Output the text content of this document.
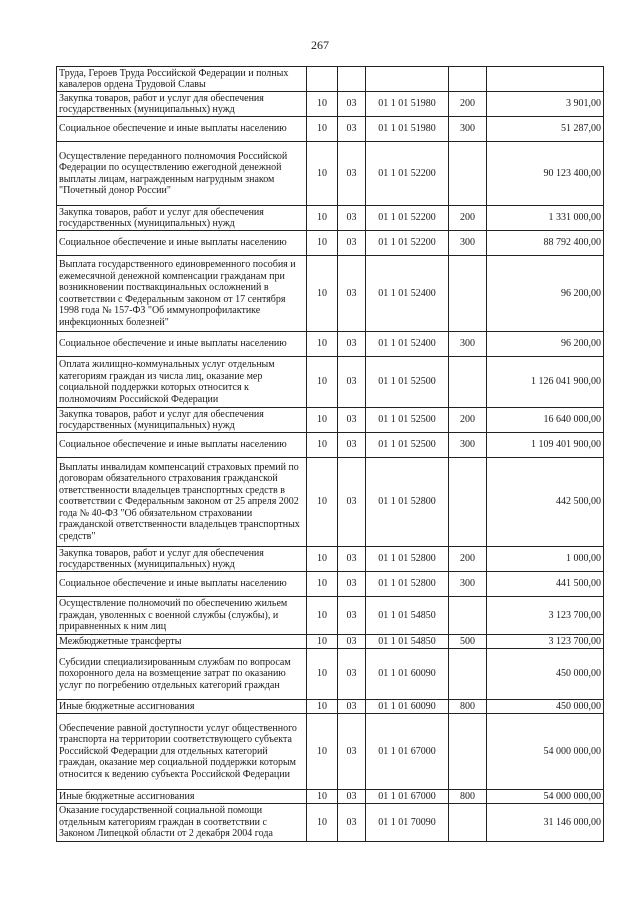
267
Труда, Героев Труда Российской Федерации и полных кавалеров ордена Трудовой Славы					
Закупка товаров, работ и услуг для обеспечения государственных (муниципальных) нужд	10	03	01 1 01 51980	200	3 901,00
Социальное обеспечение и иные выплаты населению	10	03	01 1 01 51980	300	51 287,00
Осуществление переданного полномочия Российской Федерации по осуществлению ежегодной денежной выплаты лицам, награжденным нагрудным знаком "Почетный донор России"	10	03	01 1 01 52200		90 123 400,00
Закупка товаров, работ и услуг для обеспечения государственных (муниципальных) нужд	10	03	01 1 01 52200	200	1 331 000,00
Социальное обеспечение и иные выплаты населению	10	03	01 1 01 52200	300	88 792 400,00
Выплата государственного единовременного пособия и ежемесячной денежной компенсации гражданам при возникновении поствакцинальных осложнений в соответствии с Федеральным законом от 17 сентября 1998 года № 157-ФЗ "Об иммунопрофилактике инфекционных болезней"	10	03	01 1 01 52400		96 200,00
Социальное обеспечение и иные выплаты населению	10	03	01 1 01 52400	300	96 200,00
Оплата жилищно-коммунальных услуг отдельным категориям граждан из числа лиц, оказание мер социальной поддержки которых относится к полномочиям Российской Федерации	10	03	01 1 01 52500		1 126 041 900,00
Закупка товаров, работ и услуг для обеспечения государственных (муниципальных) нужд	10	03	01 1 01 52500	200	16 640 000,00
Социальное обеспечение и иные выплаты населению	10	03	01 1 01 52500	300	1 109 401 900,00
Выплаты инвалидам компенсаций страховых премий по договорам обязательного страхования гражданской ответственности владельцев транспортных средств в соответствии с Федеральным законом от 25 апреля 2002 года № 40-ФЗ "Об обязательном страховании гражданской ответственности владельцев транспортных средств"	10	03	01 1 01 52800		442 500,00
Закупка товаров, работ и услуг для обеспечения государственных (муниципальных) нужд	10	03	01 1 01 52800	200	1 000,00
Социальное обеспечение и иные выплаты населению	10	03	01 1 01 52800	300	441 500,00
Осуществление полномочий по обеспечению жильем граждан, уволенных с военной службы (службы), и приравненных к ним лиц	10	03	01 1 01 54850		3 123 700,00
Межбюджетные трансферты	10	03	01 1 01 54850	500	3 123 700,00
Субсидии специализированным службам по вопросам похоронного дела на возмещение затрат по оказанию услуг по погребению отдельных категорий граждан	10	03	01 1 01 60090		450 000,00
Иные бюджетные ассигнования	10	03	01 1 01 60090	800	450 000,00
Обеспечение равной доступности услуг общественного транспорта на территории соответствующего субъекта Российской Федерации для отдельных категорий граждан, оказание мер социальной поддержки которым относится к ведению субъекта Российской Федерации	10	03	01 1 01 67000		54 000 000,00
Иные бюджетные ассигнования	10	03	01 1 01 67000	800	54 000 000,00
Оказание государственной социальной помощи отдельным категориям граждан в соответствии с Законом Липецкой области от 2 декабря 2004 года	10	03	01 1 01 70090		31 146 000,00
